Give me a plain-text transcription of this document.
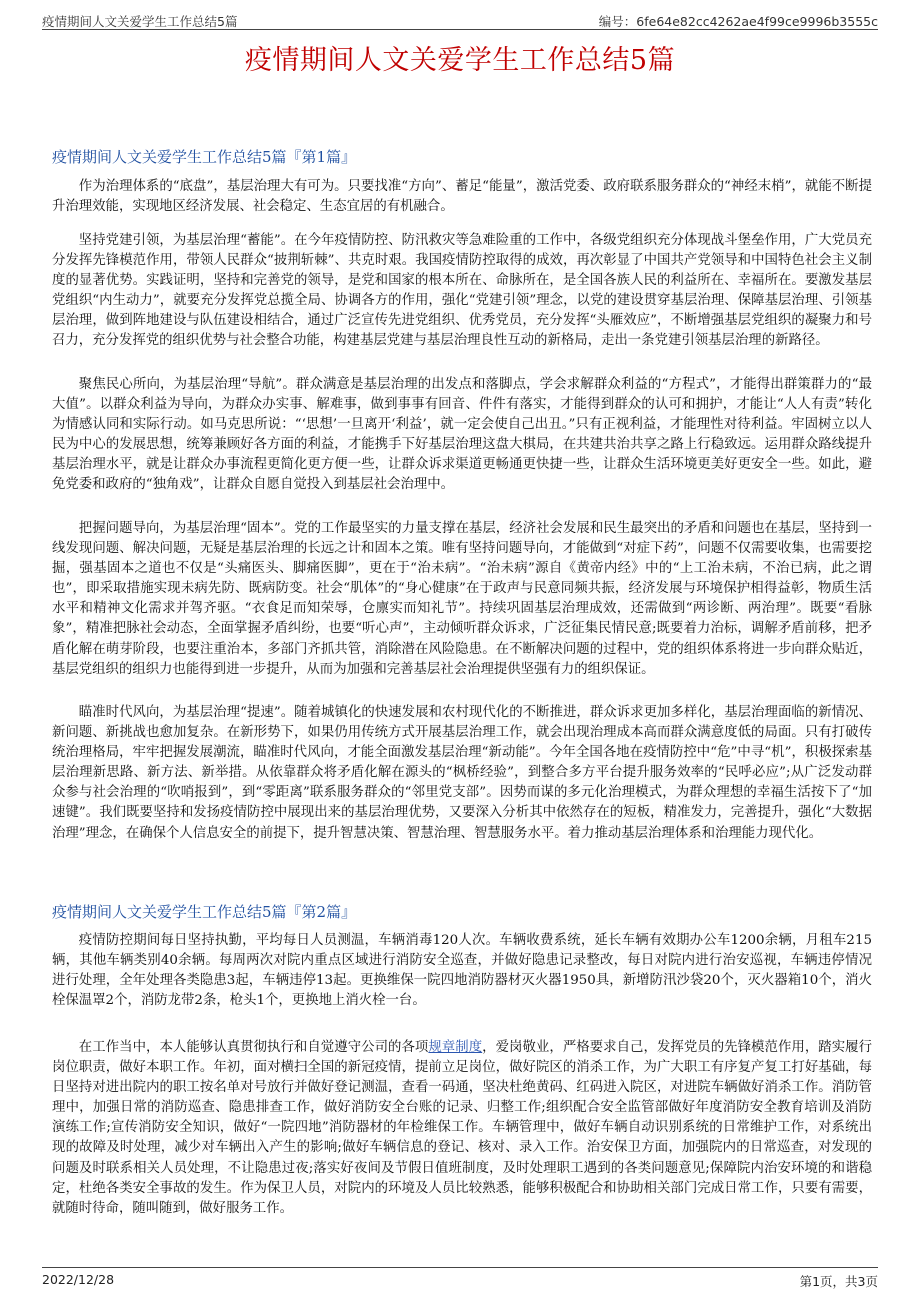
疫情期间人文关爱学生工作总结5篇	编号：6fe64e82cc4262ae4f99ce9996b3555c
疫情期间人文关爱学生工作总结5篇
疫情期间人文关爱学生工作总结5篇『第1篇』

作为治理体系的“底盘”，基层治理大有可为。只要找准“方向”、蓄足“能量”，激活党委、政府联系服务群众的“神经末梢”，就能不断提升治理效能，实现地区经济发展、社会稳定、生态宜居的有机融合。

坚持党建引领，为基层治理“蓄能”。在今年疫情防控、防汛救灾等急难险重的工作中，各级党组织充分体现战斗堡垒作用，广大党员充分发挥先锋模范作用，带领人民群众“披荆斩棘”、共克时艰。我国疫情防控取得的成效，再次彰显了中国共产党领导和中国特色社会主义制度的显著优势。实践证明，坚持和完善党的领导，是党和国家的根本所在、命脉所在，是全国各族人民的利益所在、幸福所在。要激发基层党组织“内生动力”，就要充分发挥党总揽全局、协调各方的作用，强化“党建引领”理念，以党的建设贯穿基层治理、保障基层治理、引领基层治理，做到阵地建设与队伍建设相结合，通过广泛宣传先进党组织、优秀党员，充分发挥“头雁效应”，不断增强基层党组织的凝聚力和号召力，充分发挥党的组织优势与社会整合功能，构建基层党建与基层治理良性互动的新格局，走出一条党建引领基层治理的新路径。

聚焦民心所向，为基层治理“导航”。群众满意是基层治理的出发点和落脚点，学会求解群众利益的“方程式”，才能得出群策群力的“最大值”。以群众利益为导向，为群众办实事、解难事，做到事事有回音、件件有落实，才能得到群众的认可和拥护，才能让“人人有责”转化为情感认同和实际行动。如马克思所说：“‘思想’一旦离开‘利益’，就一定会使自己出丑。”只有正视利益，才能理性对待利益。牢固树立以人民为中心的发展思想，统筹兼顾好各方面的利益，才能携手下好基层治理这盘大棋局，在共建共治共享之路上行稳致远。运用群众路线提升基层治理水平，就是让群众办事流程更简化更方便一些，让群众诉求渠道更畅通更快捷一些，让群众生活环境更美好更安全一些。如此，避免党委和政府的“独角戏”，让群众自愿自觉投入到基层社会治理中。

把握问题导向，为基层治理“固本”。党的工作最坚实的力量支撑在基层，经济社会发展和民生最突出的矛盾和问题也在基层，坚持到一线发现问题、解决问题，无疑是基层治理的长远之计和固本之策。唯有坚持问题导向，才能做到“对症下药”，问题不仅需要收集，也需要挖掘，强基固本之道也不仅是“头痛医头、脚痛医脚”，更在于“治未病”。“治未病”源自《黄帝内经》中的“上工治未病，不治已病，此之谓也”，即采取措施实现未病先防、既病防变。社会“肌体”的“身心健康”在于政声与民意同频共振，经济发展与环境保护相得益彰，物质生活水平和精神文化需求并驾齐驱。“衣食足而知荣辱，仓廪实而知礼节”。持续巩固基层治理成效，还需做到“两诊断、两治理”。既要“看脉象”，精准把脉社会动态，全面掌握矛盾纠纷，也要“听心声”，主动倾听群众诉求，广泛征集民情民意;既要着力治标，调解矛盾前移，把矛盾化解在萌芽阶段，也要注重治本，多部门齐抓共管，消除潜在风险隐患。在不断解决问题的过程中，党的组织体系将进一步向群众贴近，基层党组织的组织力也能得到进一步提升，从而为加强和完善基层社会治理提供坚强有力的组织保证。

瞄准时代风向，为基层治理“提速”。随着城镇化的快速发展和农村现代化的不断推进，群众诉求更加多样化，基层治理面临的新情况、新问题、新挑战也愈加复杂。在新形势下，如果仍用传统方式开展基层治理工作，就会出现治理成本高而群众满意度低的局面。只有打破传统治理格局，牢牢把握发展潮流，瞄准时代风向，才能全面激发基层治理“新动能”。今年全国各地在疫情防控中“危”中寻“机”，积极探索基层治理新思路、新方法、新举措。从依靠群众将矛盾化解在源头的“枫桥经验”，到整合多方平台提升服务效率的“民呼必应”;从广泛发动群众参与社会治理的“吹哨报到”，到“零距离”联系服务群众的“邻里党支部”。因势而谋的多元化治理模式，为群众理想的幸福生活按下了“加速键”。我们既要坚持和发扬疫情防控中展现出来的基层治理优势，又要深入分析其中依然存在的短板，精准发力，完善提升，强化“大数据治理”理念，在确保个人信息安全的前提下，提升智慧决策、智慧治理、智慧服务水平。着力推动基层治理体系和治理能力现代化。

疫情期间人文关爱学生工作总结5篇『第2篇』

疫情防控期间每日坚持执勤，平均每日人员测温，车辆消毒120人次。车辆收费系统，延长车辆有效期办公车1200余辆，月租车215辆，其他车辆类别40余辆。每周两次对院内重点区域进行消防安全巡查，并做好隐患记录整改，每日对院内进行治安巡视，车辆违停情况进行处理，全年处理各类隐患3起，车辆违停13起。更换维保一院四地消防器材灭火器1950具，新增防汛沙袋20个，灭火器箱10个，消火栓保温罩2个，消防龙带2条，枪头1个，更换地上消火栓一台。

在工作当中，本人能够认真贯彻执行和自觉遵守公司的各项规章制度，爱岗敬业，严格要求自己，发挥党员的先锋模范作用，踏实履行岗位职责，做好本职工作。年初，面对横扫全国的新冠疫情，提前立足岗位，做好院区的消杀工作，为广大职工有序复产复工打好基础，每日坚持对进出院内的职工按名单对号放行并做好登记测温，查看一码通，坚决杜绝黄码、红码进入院区，对进院车辆做好消杀工作。消防管理中，加强日常的消防巡查、隐患排查工作，做好消防安全台账的记录、归整工作;组织配合安全监管部做好年度消防安全教育培训及消防演练工作;宣传消防安全知识，做好“一院四地”消防器材的年检维保工作。车辆管理中，做好车辆自动识别系统的日常维护工作，对系统出现的故障及时处理，减少对车辆出入产生的影响;做好车辆信息的登记、核对、录入工作。治安保卫方面，加强院内的日常巡查，对发现的问题及时联系相关人员处理，不让隐患过夜;落实好夜间及节假日值班制度，及时处理职工遇到的各类问题意见;保障院内治安环境的和谐稳定，杜绝各类安全事故的发生。作为保卫人员，对院内的环境及人员比较熟悉，能够积极配合和协助相关部门完成日常工作，只要有需要，就随时待命，随叫随到，做好服务工作。

2022/12/28	第1页，共3页
